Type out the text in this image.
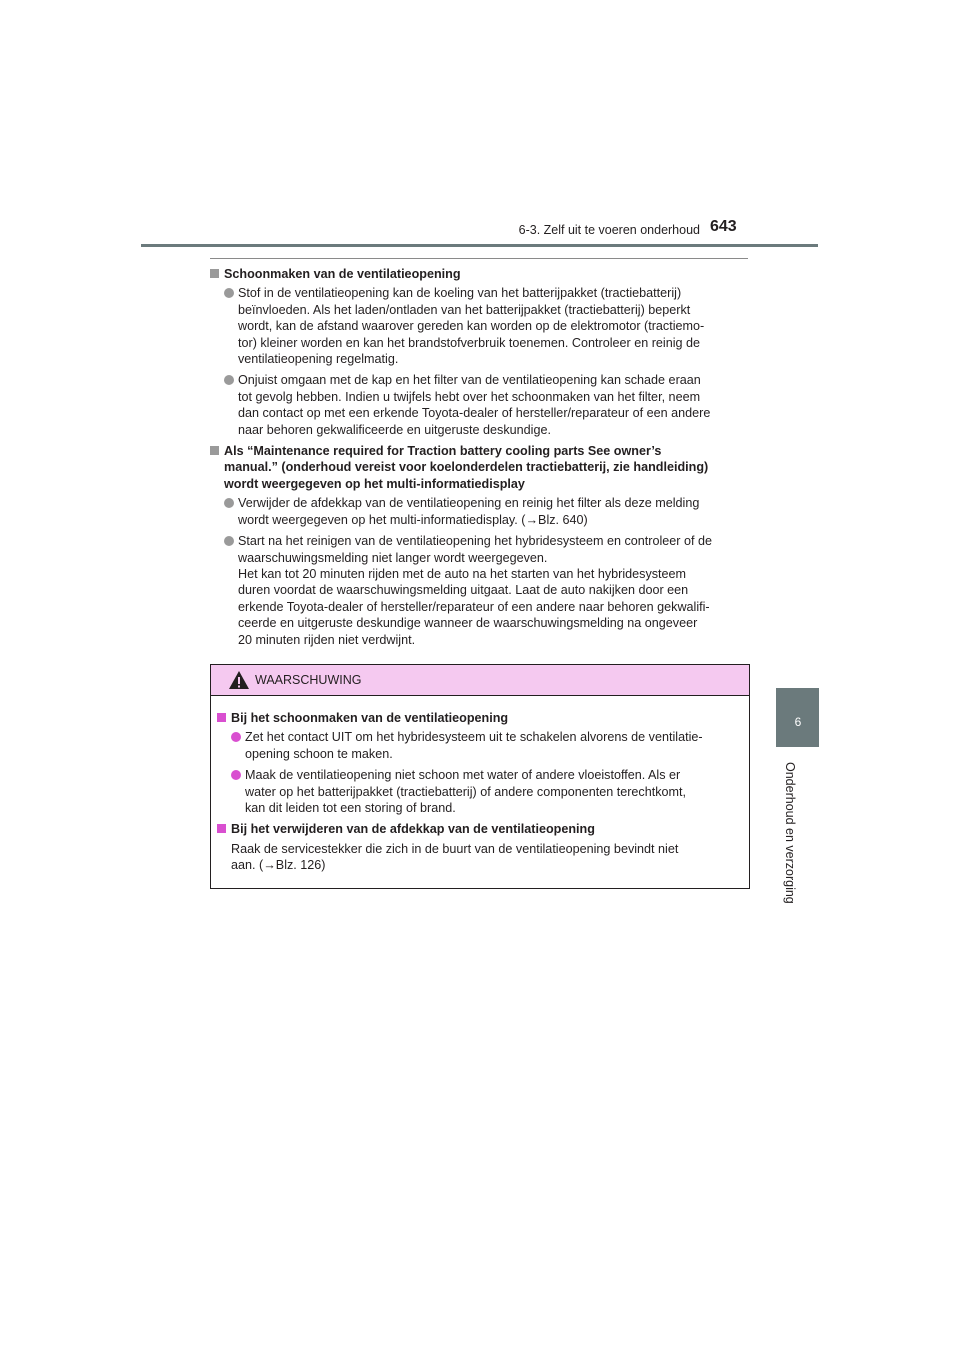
6-3. Zelf uit te voeren onderhoud 643
6
Onderhoud en verzorging
Schoonmaken van de ventilatieopening
Stof in de ventilatieopening kan de koeling van het batterijpakket (tractiebatterij)
beïnvloeden. Als het laden/ontladen van het batterijpakket (tractiebatterij) beperkt
wordt, kan de afstand waarover gereden kan worden op de elektromotor (tractiemo-
tor) kleiner worden en kan het brandstofverbruik toenemen. Controleer en reinig de
ventilatieopening regelmatig.
Onjuist omgaan met de kap en het filter van de ventilatieopening kan schade eraan
tot gevolg hebben. Indien u twijfels hebt over het schoonmaken van het filter, neem
dan contact op met een erkende Toyota-dealer of hersteller/reparateur of een andere
naar behoren gekwalificeerde en uitgeruste deskundige.
Als “Maintenance required for Traction battery cooling parts See owner’s
manual.” (onderhoud vereist voor koelonderdelen tractiebatterij, zie handleiding)
wordt weergegeven op het multi-informatiedisplay
Verwijder de afdekkap van de ventilatieopening en reinig het filter als deze melding
wordt weergegeven op het multi-informatiedisplay. (→Blz. 640)
Start na het reinigen van de ventilatieopening het hybridesysteem en controleer of de
waarschuwingsmelding niet langer wordt weergegeven.
Het kan tot 20 minuten rijden met de auto na het starten van het hybridesysteem
duren voordat de waarschuwingsmelding uitgaat. Laat de auto nakijken door een
erkende Toyota-dealer of hersteller/reparateur of een andere naar behoren gekwalifi-
ceerde en uitgeruste deskundige wanneer de waarschuwingsmelding na ongeveer
20 minuten rijden niet verdwijnt.
WAARSCHUWING
Bij het schoonmaken van de ventilatieopening
Zet het contact UIT om het hybridesysteem uit te schakelen alvorens de ventilatie-
opening schoon te maken.
Maak de ventilatieopening niet schoon met water of andere vloeistoffen. Als er
water op het batterijpakket (tractiebatterij) of andere componenten terechtkomt,
kan dit leiden tot een storing of brand.
Bij het verwijderen van de afdekkap van de ventilatieopening
Raak de servicestekker die zich in de buurt van de ventilatieopening bevindt niet
aan. (→Blz. 126)
